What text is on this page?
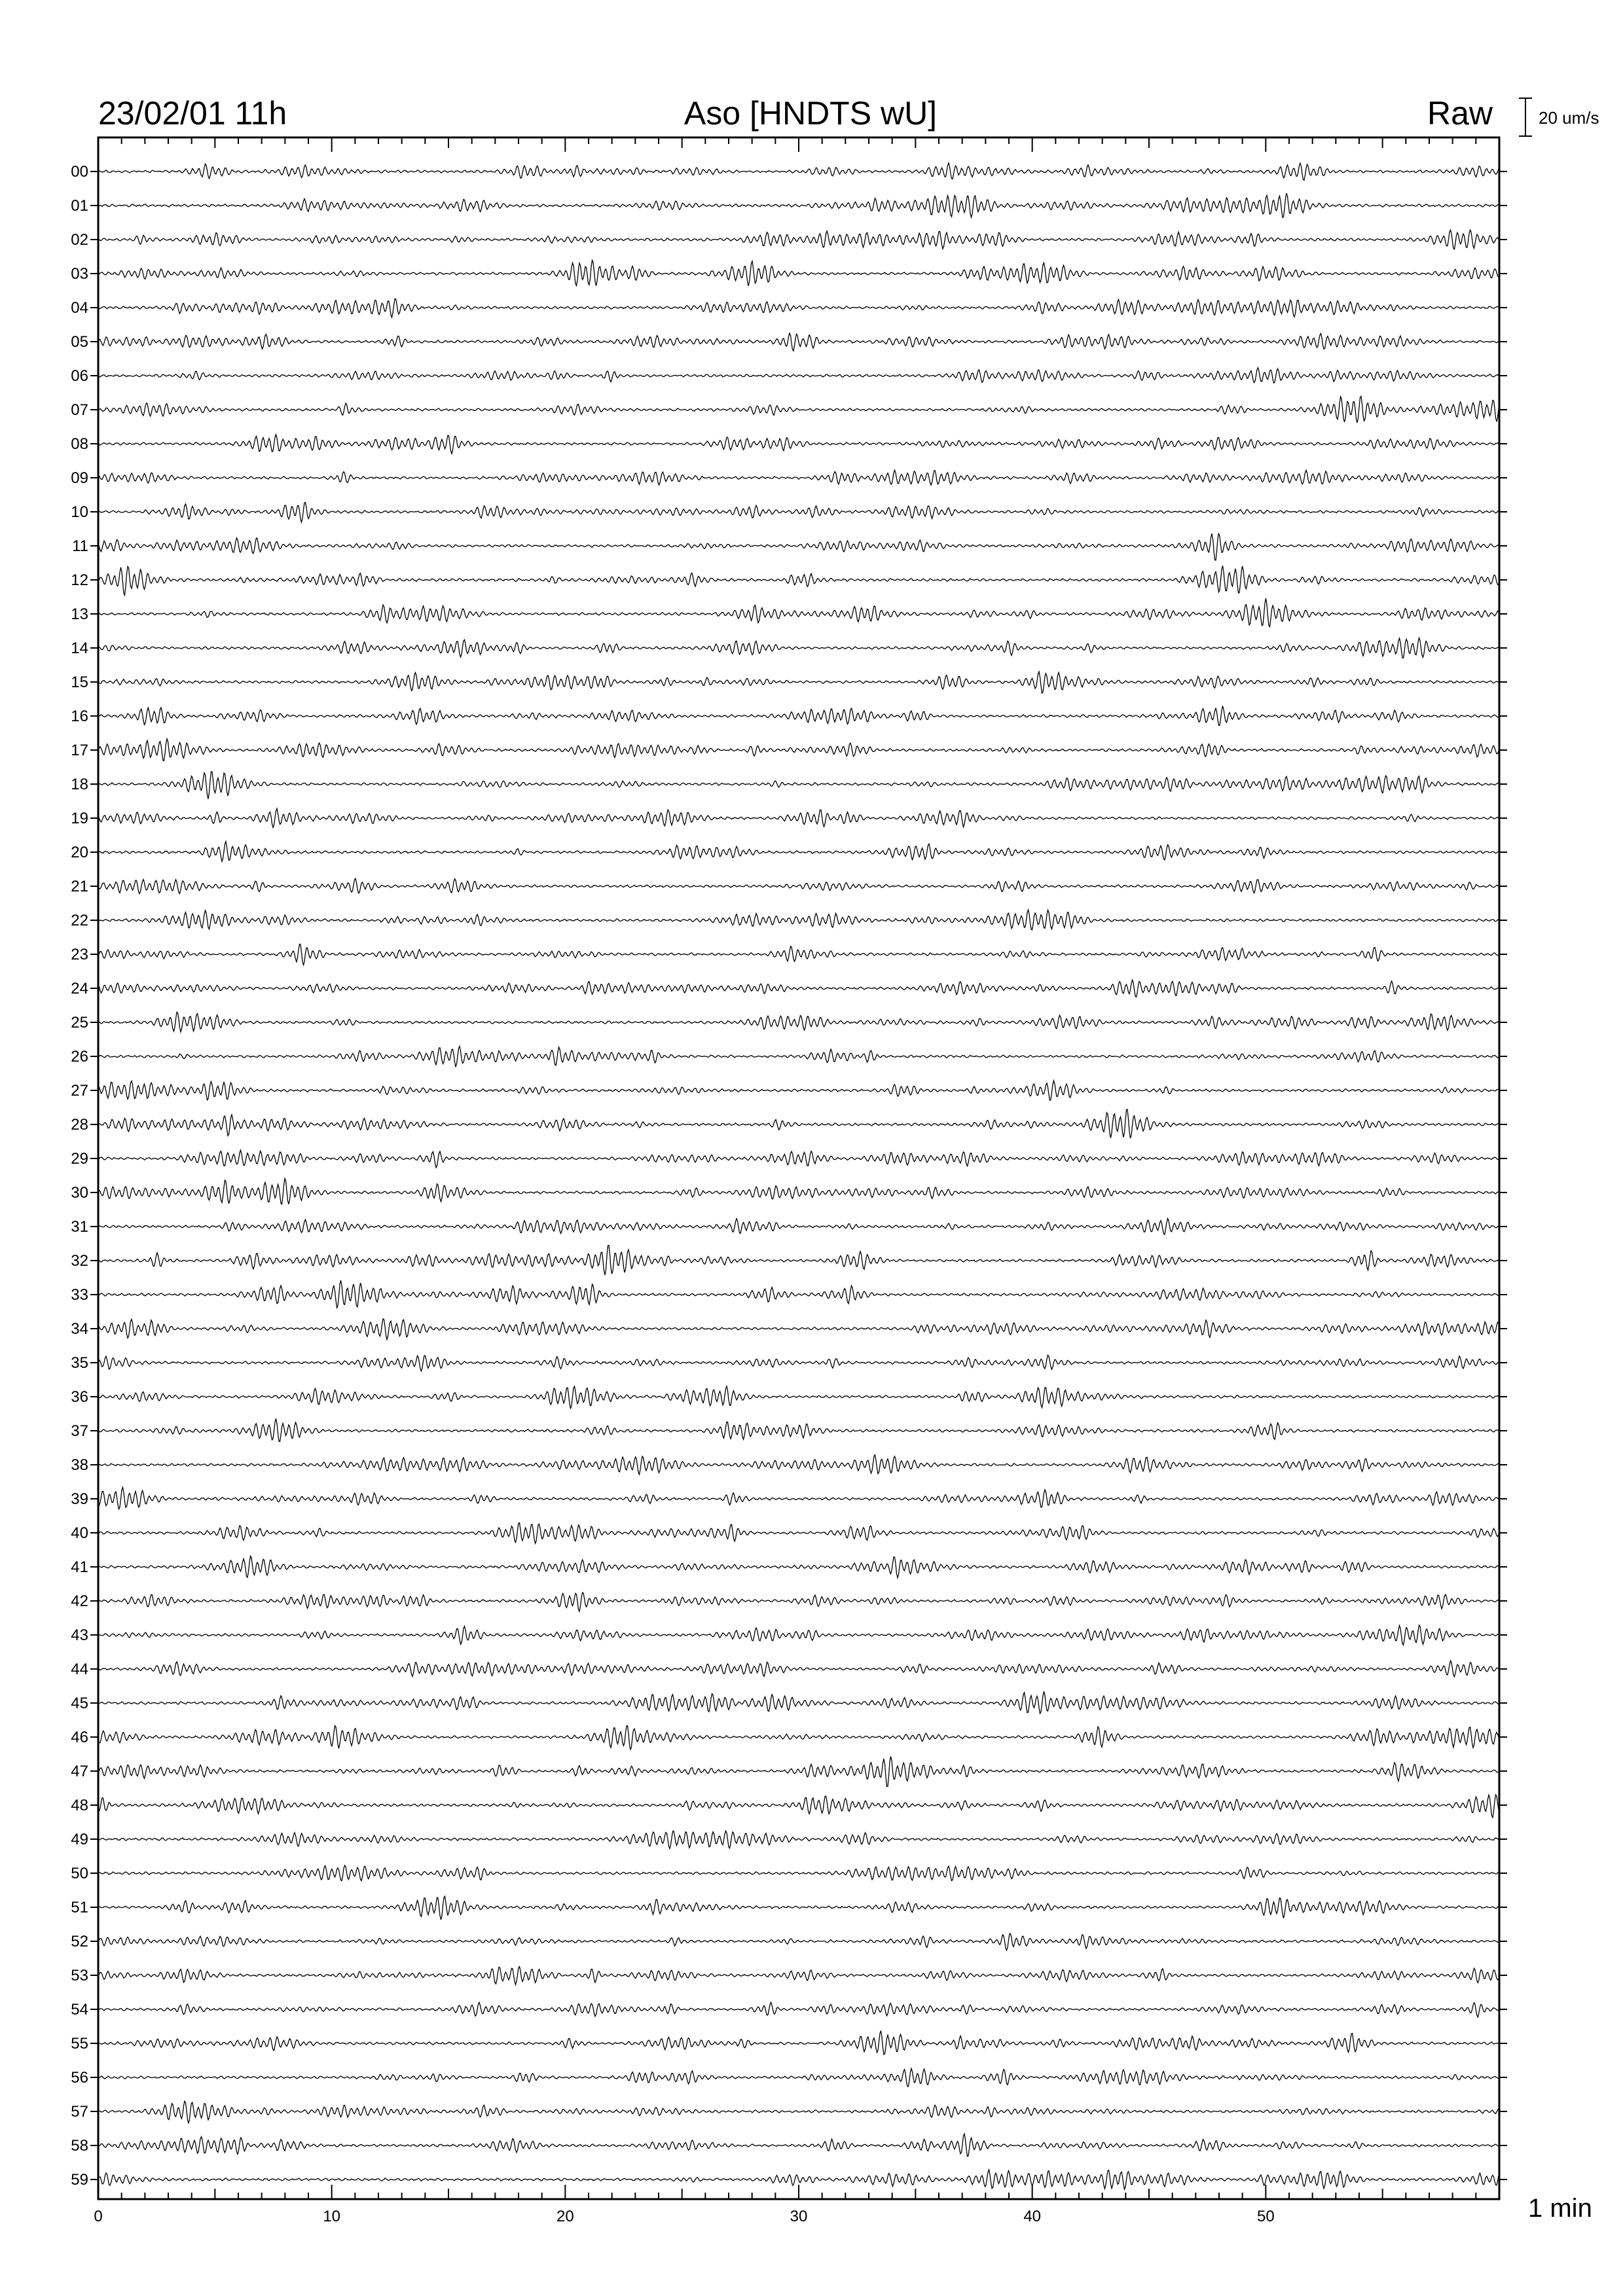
23/02/01 11h	Aso [HNDTS wU]	Raw	20 um/s
1 min
00
01
02
03
04
05
06
07
08
09
10
11
12
13
14
15
16
17
18
19
20
21
22
23
24
25
26
27
28
29
30
31
32
33
34
35
36
37
38
39
40
41
42
43
44
45
46
47
48
49
50
51
52
53
54
55
56
57
58
59
0	10	20	30	40	50
